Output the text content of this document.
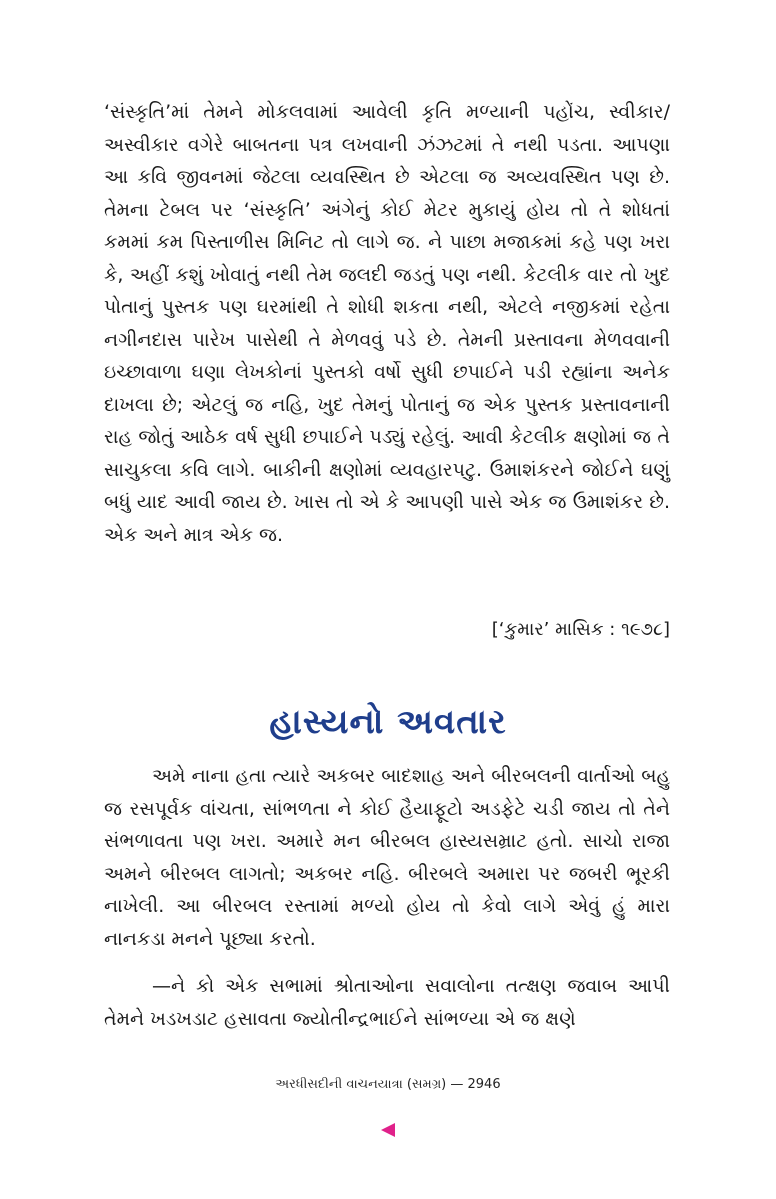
‘સંસ્કૃતિ’માં તેમને મોકલવામાં આવેલી કૃતિ મળ્યાની પહોંચ, સ્વીકાર/અસ્વીકાર વગેરે બાબતના પત્ર લખવાની ઝંઝટમાં તે નથી પડતા. આપણા આ કવિ જીવનમાં જેટલા વ્યવસ્થિત છે એટલા જ અવ્યવસ્થિત પણ છે. તેમના ટેબલ પર ‘સંસ્કૃતિ’ અંગેનું કોઈ મેટર મુકાયું હોય તો તે શોધતાં કમમાં કમ પિસ્તાળીસ મિનિટ તો લાગે જ. ને પાછા મજાકમાં કહે પણ ખરા કે, અહીં કશું ખોવાતું નથી તેમ જલદી જડતું પણ નથી. કેટલીક વાર તો ખુદ પોતાનું પુસ્તક પણ ઘરમાંથી તે શોધી શકતા નથી, એટલે નજીકમાં રહેતા નગીનદાસ પારેખ પાસેથી તે મેળવવું પડે છે. તેમની પ્રસ્તાવના મેળવવાની ઇચ્છાવાળા ઘણા લેખકોનાં પુસ્તકો વર્ષો સુધી છપાઈને પડી રહ્યાંના અનેક દાખલા છે; એટલું જ નહિ, ખુદ તેમનું પોતાનું જ એક પુસ્તક પ્રસ્તાવનાની રાહ જોતું આઠેક વર્ષ સુધી છપાઈને પડ્યું રહેલું. આવી કેટલીક ક્ષણોમાં જ તે સાચુકલા કવિ લાગે. બાકીની ક્ષણોમાં વ્યવહારપટુ. ઉમાશંકરને જોઈને ઘણું બધું યાદ આવી જાય છે. ખાસ તો એ કે આપણી પાસે એક જ ઉમાશંકર છે. એક અને માત્ર એક જ.
[‘કુમાર’ માસિક : ૧૯૭૮]
હાસ્યનો અવતાર
અમે નાના હતા ત્યારે અકબર બાદશાહ અને બીરબલની વાર્તાઓ બહુ જ રસપૂર્વક વાંચતા, સાંભળતા ને કોઈ હૈયાફૂટો અડફેટે ચડી જાય તો તેને સંભળાવતા પણ ખરા. અમારે મન બીરબલ હાસ્યસમ્રાટ હતો. સાચો રાજા અમને બીરબલ લાગતો; અકબર નહિ. બીરબલે અમારા પર જબરી ભૂરકી નાખેલી. આ બીરબલ રસ્તામાં મળ્યો હોય તો કેવો લાગે એવું હું મારા નાનકડા મનને પૂછ્યા કરતો.
—ને કો એક સભામાં શ્રોતાઓના સવાલોના તત્ક્ષણ જવાબ આપી તેમને ખડખડાટ હસાવતા જ્યોતીન્દ્રભાઈને સાંભળ્યા એ જ ક્ષણે
અરધીસદીની વાચનયાત્રા (સમગ્ર) — 2946
